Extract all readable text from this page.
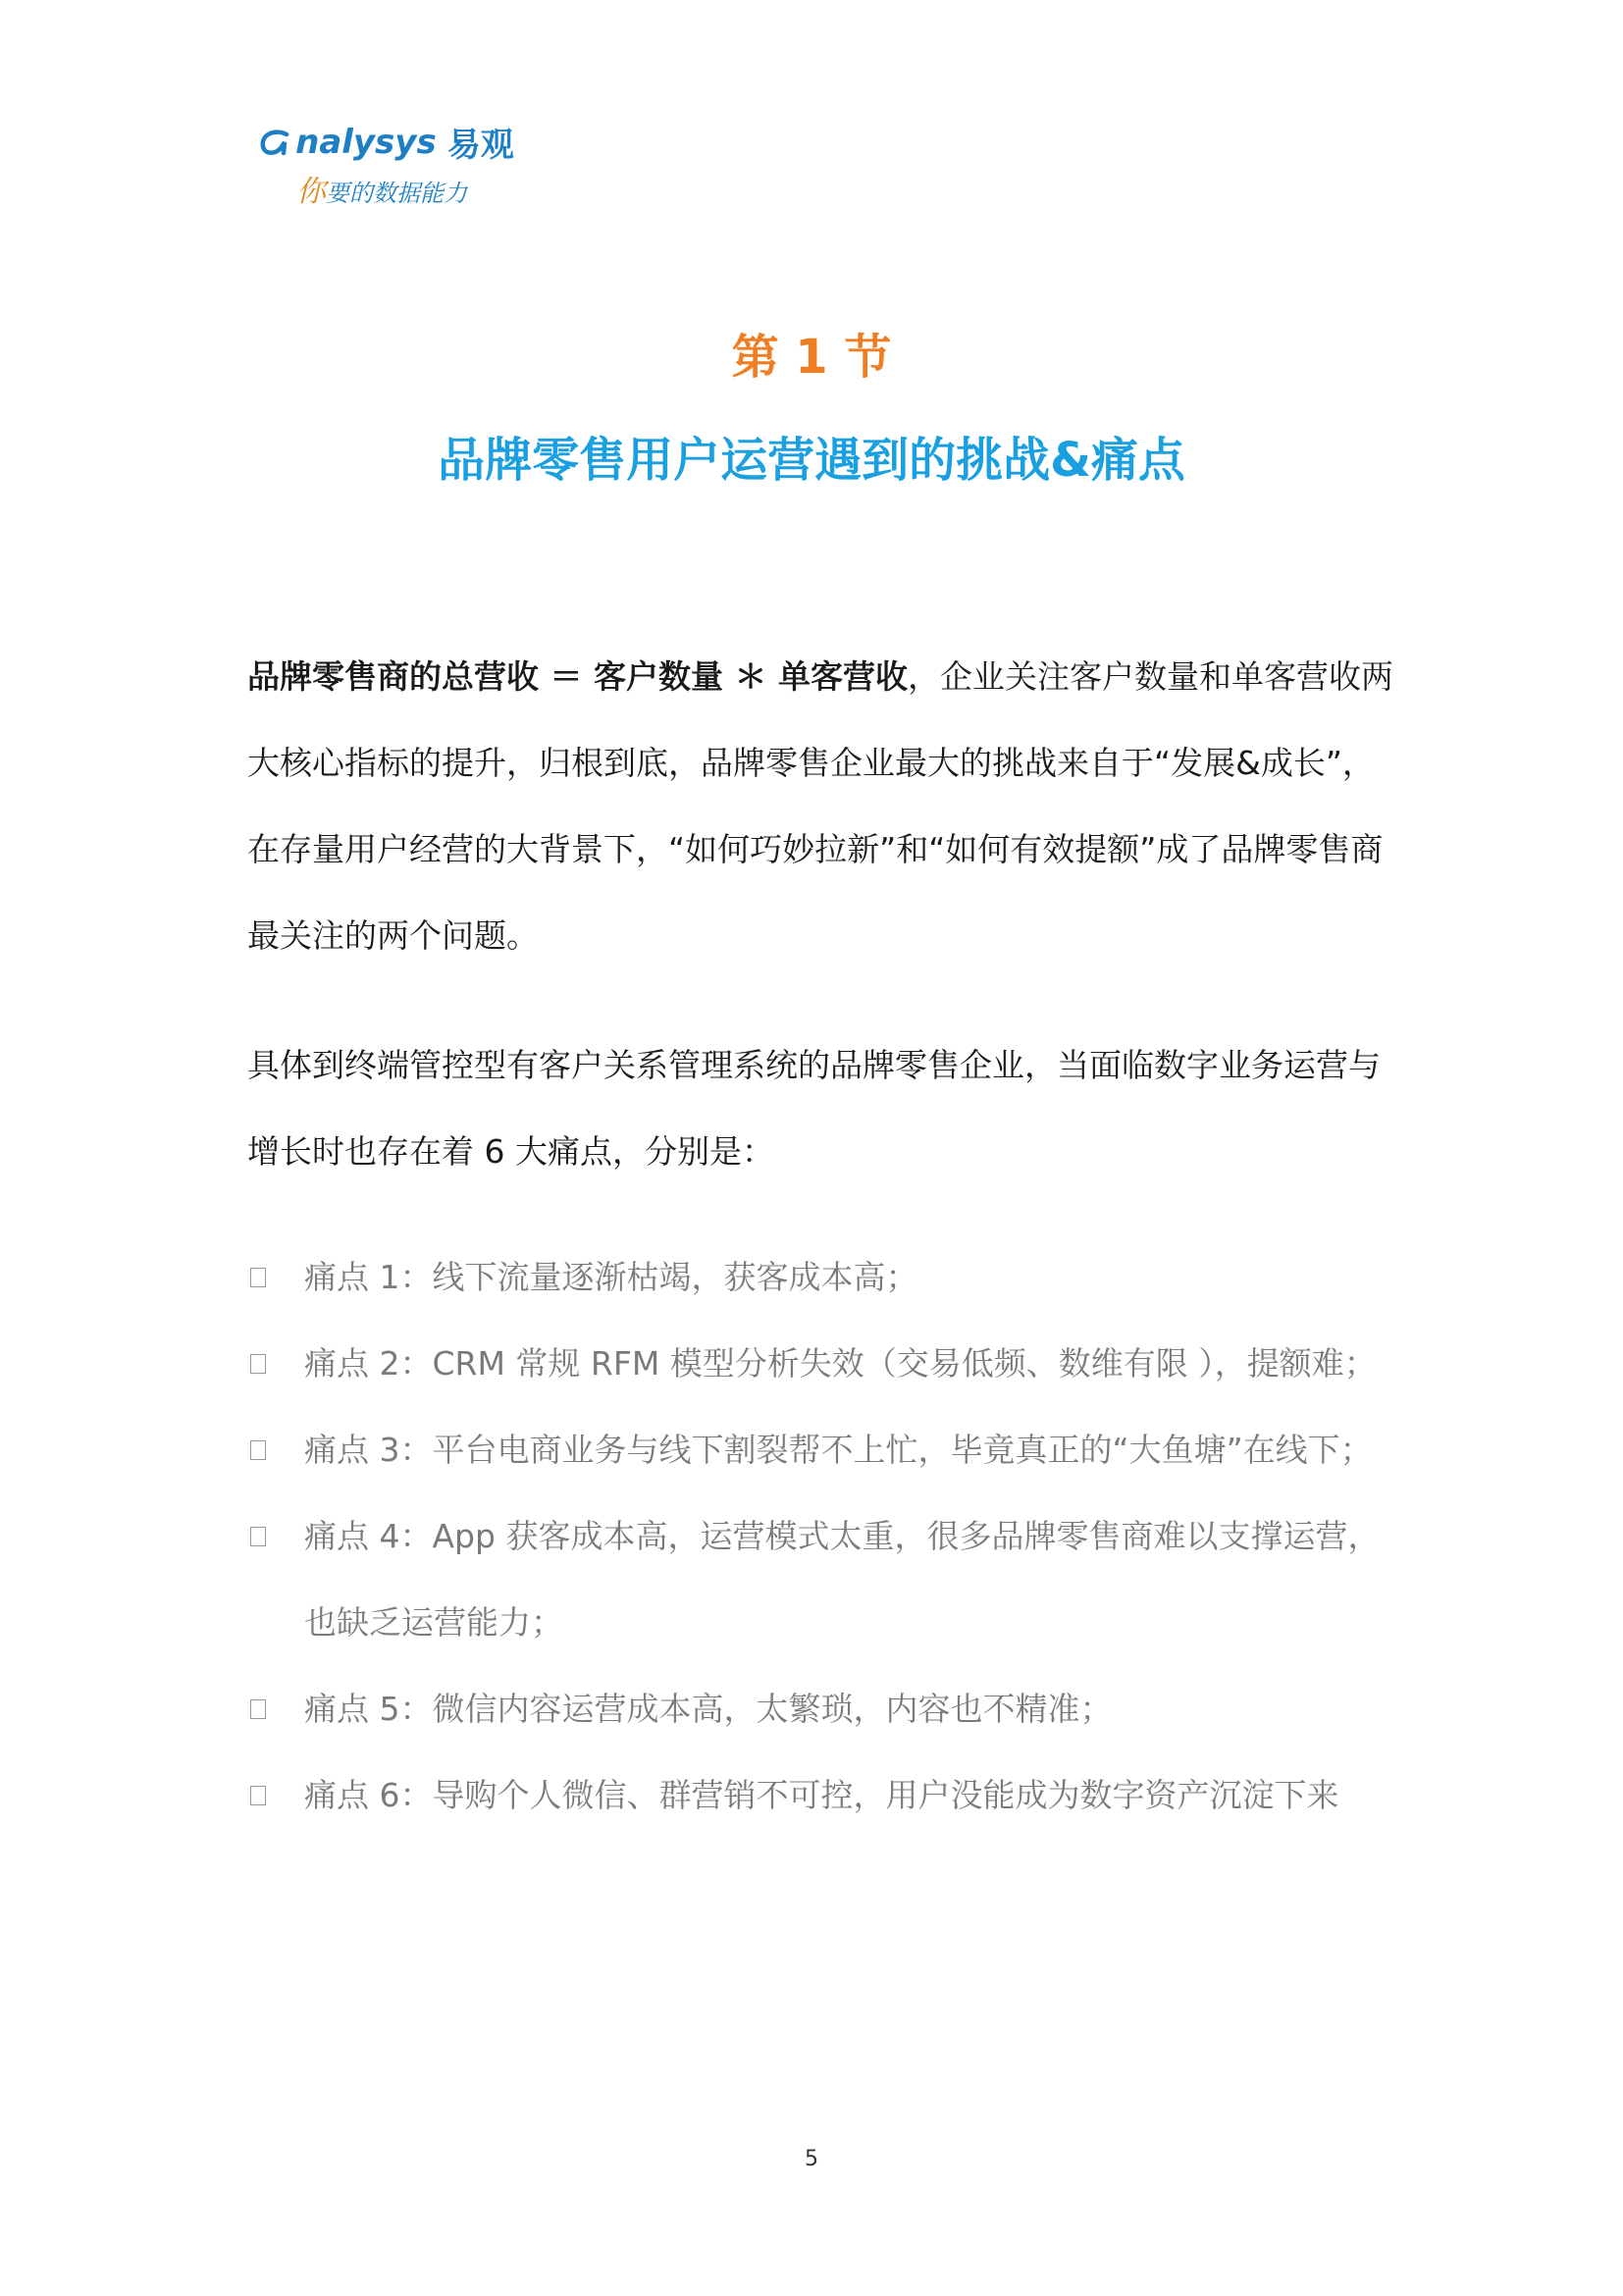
nalysys 易观
你要的数据能力
第 1 节
品牌零售用户运营遇到的挑战&痛点
品牌零售商的总营收 ＝ 客户数量 ＊ 单客营收，企业关注客户数量和单客营收两大核心指标的提升，归根到底，品牌零售企业最大的挑战来自于“发展&成长”，在存量用户经营的大背景下，“如何巧妙拉新”和“如何有效提额”成了品牌零售商最关注的两个问题。
具体到终端管控型有客户关系管理系统的品牌零售企业，当面临数字业务运营与增长时也存在着 6 大痛点，分别是：
痛点 1：线下流量逐渐枯竭，获客成本高；
痛点 2：CRM 常规 RFM 模型分析失效（交易低频、数维有限 ），提额难；
痛点 3：平台电商业务与线下割裂帮不上忙，毕竟真正的“大鱼塘”在线下；
痛点 4：App 获客成本高，运营模式太重，很多品牌零售商难以支撑运营，也缺乏运营能力；
痛点 5：微信内容运营成本高，太繁琐，内容也不精准；
痛点 6：导购个人微信、群营销不可控，用户没能成为数字资产沉淀下来
5
